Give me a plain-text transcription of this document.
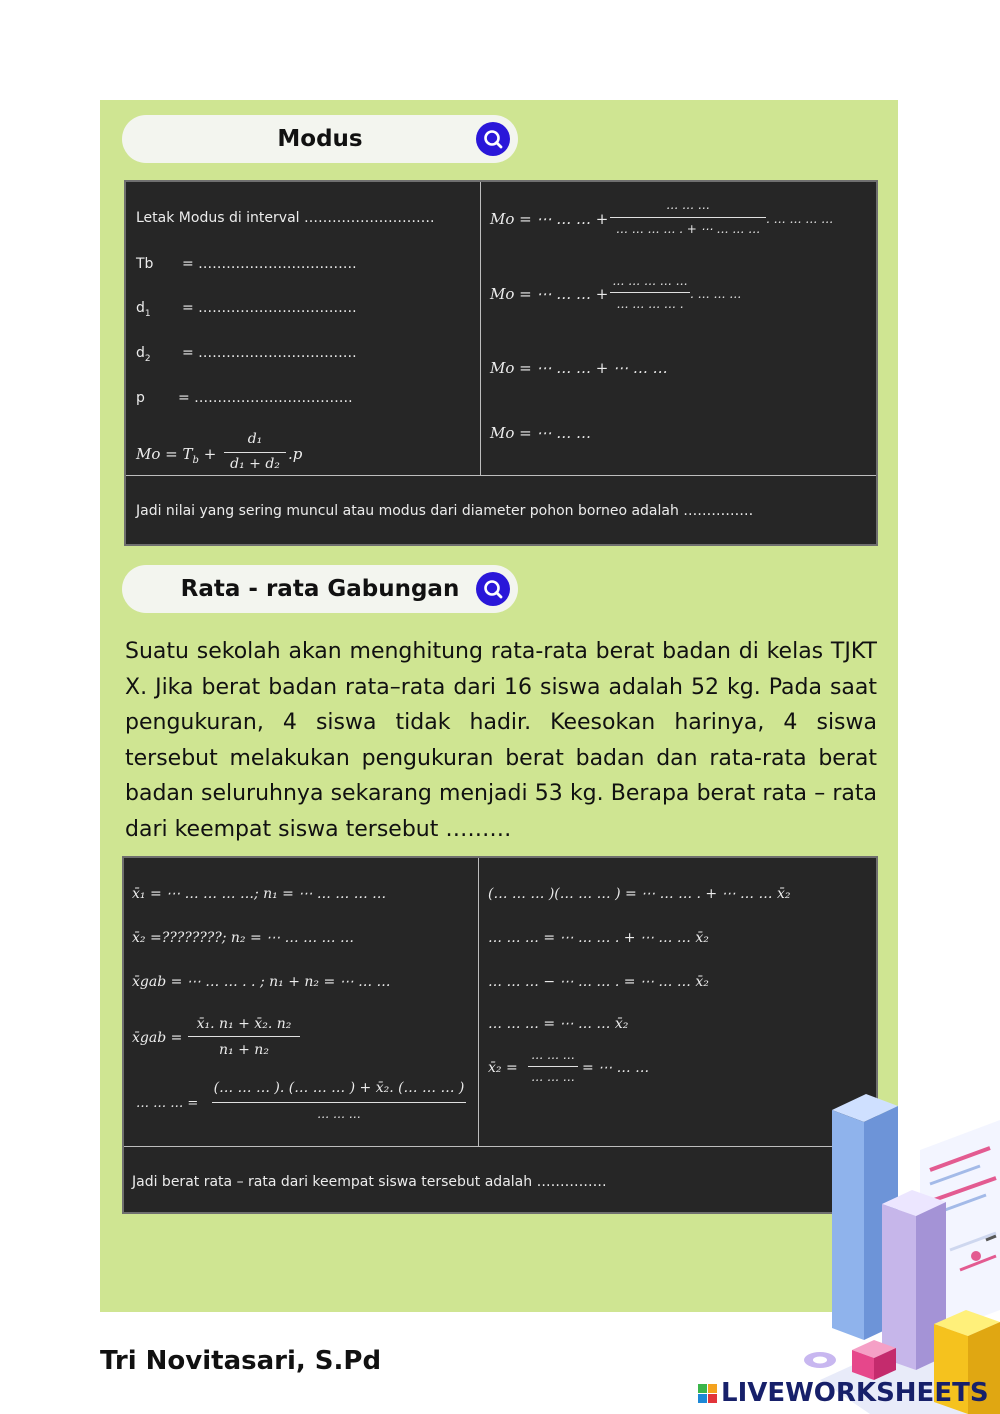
Modus
Letak Modus di interval ……………………….
Tb = …………………………….
$d_1$ = …………………………….
$d_2$ = …………………………….
p = …………………………….
$Mo = T_b$ +
d₁
d₁ + d₂
.p
Mo = ⋯ … … +
… … …
… … … … . + ⋯ … … …
. … … … …
Mo = ⋯ … … +
… … … … …
… … … … .
. … … …
Mo = ⋯ … … + ⋯ … …
Mo = ⋯ … …
Jadi nilai yang sering muncul atau modus dari diameter pohon borneo adalah ……………
Rata - rata Gabungan
Suatu sekolah akan menghitung rata-rata berat badan di kelas TJKT X. Jika berat badan rata–rata dari 16 siswa adalah 52 kg. Pada saat pengukuran, 4 siswa tidak hadir. Keesokan harinya, 4 siswa tersebut melakukan pengukuran berat badan dan rata-rata berat badan seluruhnya sekarang menjadi 53 kg. Berapa berat rata – rata dari keempat siswa tersebut ………
x̄₁ = ⋯ … … … …; n₁ = ⋯ … … … …
x̄₂ =????????; n₂ = ⋯ … … … …
x̄gab = ⋯ … … . . ; n₁ + n₂ = ⋯ … …
x̄gab =
x̄₁. n₁ + x̄₂. n₂
n₁ + n₂
… … … =
(… … … ). (… … … ) + x̄₂. (… … … )
… … …
(… … … )(… … … ) = ⋯ … … . + ⋯ … … x̄₂
… … … = ⋯ … … . + ⋯ … … x̄₂
… … … − ⋯ … … . = ⋯ … … x̄₂
… … … = ⋯ … … x̄₂
x̄₂ =
… … …
… … …
= ⋯ … …
Jadi berat rata – rata dari keempat siswa tersebut adalah ……………
Tri Novitasari, S.Pd
LIVEWORKSHEETS
